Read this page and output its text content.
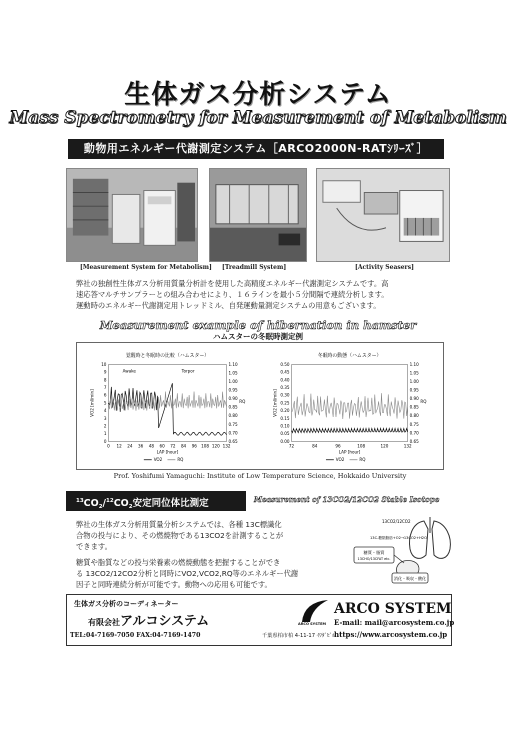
生体ガス分析システム
Mass Spectrometry for Measurement of Metabolism
動物用エネルギー代謝測定システム［ARCO2000N-RATｼﾘｰｽﾞ］
[Measurement System for Metabolism] [Treadmill System]	[Activity Seasers]
弊社の独創性生体ガス分析用質量分析計を使用した高精度エネルギー代謝測定システムです。高
速応答マルチサンプラーとの組み合わせにより、１６ラインを最小５分間隔で連続分析します。
運動時のエネルギー代謝測定用トレッドミル、自発運動量測定システムの用意もございます。
Measurement example of hibernation in hamster
ハムスターの冬眠時測定例
覚醒時と冬眠時の比較（ハムスター）
0 12 24 36 48 60 72 84 96 108 120 132
0
1
2
3
4
5
6
7
8
9
10
0.65
0.70
0.75
0.80
0.85
0.90
0.95
1.00
1.05
1.10
LAP [hour]
VO2 [ml/min]	RQ
Awake	Torpor
VO2	RQ
冬眠時の動態（ハムスター）
72	84	96	108	120	132
0.00
0.05
0.10
0.15
0.20
0.25
0.30
0.35
0.40
0.45
0.50
0.65
0.70
0.75
0.80
0.85
0.90
0.95
1.00
1.05
1.10
LAP [hour]
VO2 [ml/min]	RQ
VO2	RQ
Prof. Yoshifumi Yamaguchi: Institute of Low Temperature Science, Hokkaido University
$^{13}CO_2/^{12}CO_2$安定同位体比測定	Measurement of 13CO2/12CO2 Stable Isotope
弊社の生体ガス分析用質量分析システムでは、各種 13C標識化
合物の投与により、その燃焼物である13CO2を計測することが
できます。
糖質や脂質などの投与栄養素の燃焼動態を把握することができ
る 13CO2/12CO2分析と同時にVO2,VCO2,RQ等のエネルギー代謝
因子と同時連続分析が可能です。動物への応用も可能です。
13CO2/12CO2
13C-糖類脂肪+O2→13CO2+H2O
糖質・脂質
13CHO/13CFAT etc.
消化・吸収・酸化
生体ガス分析のコーディネーター
有限会社アルコシステム
TEL:04-7169-7050 FAX:04-7169-1470	千葉県柏市柏 4-11-17 ｲﾜﾀﾞﾋﾞﾙ
ARCO SYSTEM
ARCO SYSTEM
E-mail: mail@arcosystem.co.jp
https://www.arcosystem.co.jp
